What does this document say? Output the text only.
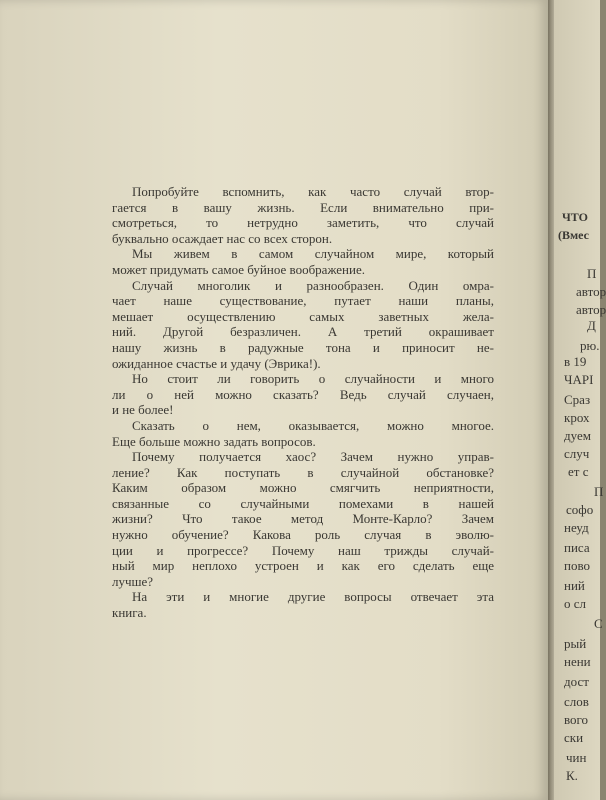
Попробуйте вспомнить, как часто случай втор-
гается в вашу жизнь. Если внимательно при-
смотреться, то нетрудно заметить, что случай
буквально осаждает нас со всех сторон.

Мы живем в самом случайном мире, который
может придумать самое буйное воображение.

Случай многолик и разнообразен. Один омра-
чает наше существование, путает наши планы,
мешает осуществлению самых заветных жела-
ний. Другой безразличен. А третий окрашивает
нашу жизнь в радужные тона и приносит не-
ожиданное счастье и удачу (Эврика!).

Но стоит ли говорить о случайности и много
ли о ней можно сказать? Ведь случай случаен,
и не более!

Сказать о нем, оказывается, можно многое.
Еще больше можно задать вопросов.

Почему получается хаос? Зачем нужно управ-
ление? Как поступать в случайной обстановке?
Каким образом можно смягчить неприятности,
связанные со случайными помехами в нашей
жизни? Что такое метод Монте-Карло? Зачем
нужно обучение? Какова роль случая в эволю-
ции и прогрессе? Почему наш трижды случай-
ный мир неплохо устроен и как его сделать еще
лучше?

На эти и многие другие вопросы отвечает эта
книга.

ЧТО
(Вмес
П
автор
автор
Д
рю.
в 19
ЧАРІ
Сраз
крох
дуем
случ
ет с
П
софо
неуд
писа
пово
ний
о сл
С
рый
нени
дост
слов
вого
ски
чин
К.
